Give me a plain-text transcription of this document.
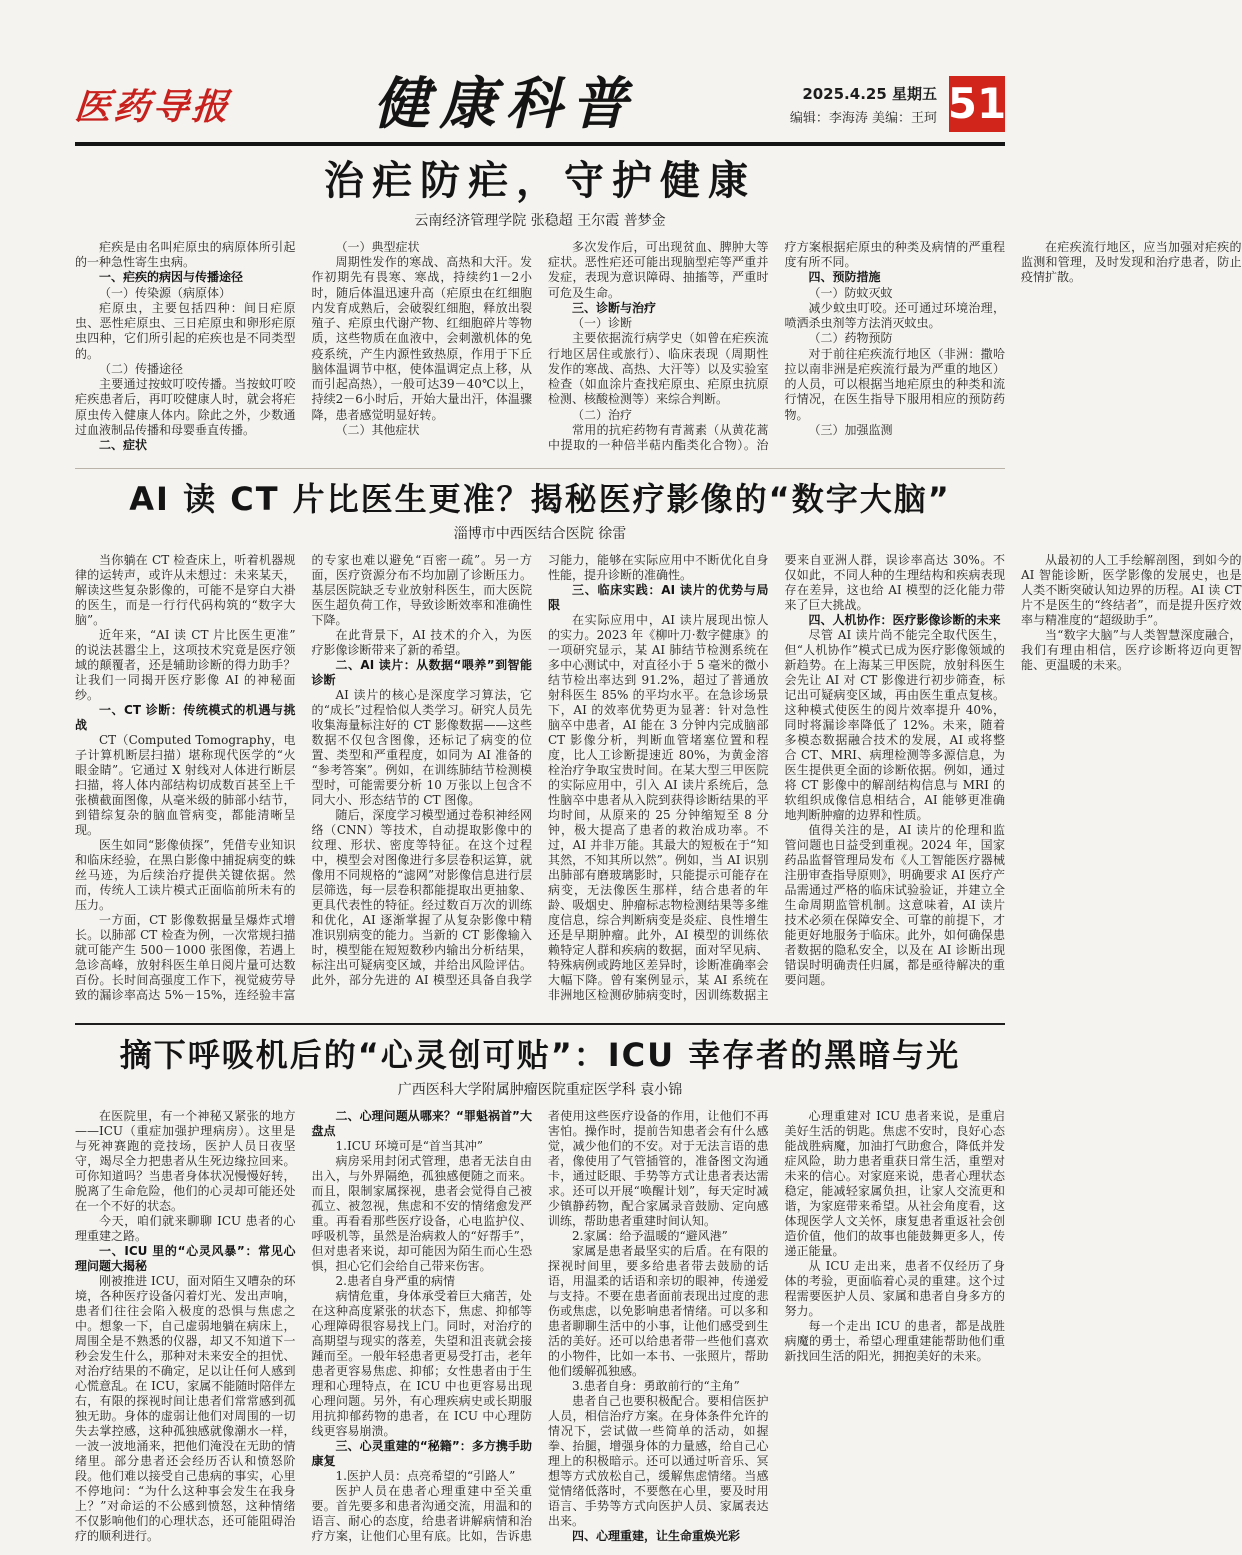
医药导报	健康科普	2025.4.25 星期五
编辑：李海涛 美编：王珂 51
治疟防疟，守护健康
云南经济管理学院 张稳超 王尔霞 普梦金

疟疾是由名叫疟原虫的病原体所引起的一种急性寄生虫病。

一、疟疾的病因与传播途径

（一）传染源（病原体）

疟原虫，主要包括四种：间日疟原虫、恶性疟原虫、三日疟原虫和卵形疟原虫四种，它们所引起的疟疾也是不同类型的。

（二）传播途径

主要通过按蚊叮咬传播。当按蚊叮咬疟疾患者后，再叮咬健康人时，就会将疟原虫传入健康人体内。除此之外，少数通过血液制品传播和母婴垂直传播。

二、症状

（一）典型症状

周期性发作的寒战、高热和大汗。发作初期先有畏寒、寒战，持续约1－2小时，随后体温迅速升高（疟原虫在红细胞内发育成熟后，会破裂红细胞，释放出裂殖子、疟原虫代谢产物、红细胞碎片等物质，这些物质在血液中，会刺激机体的免疫系统，产生内源性致热原，作用于下丘脑体温调节中枢，使体温调定点上移，从而引起高热），一般可达39－40℃以上，持续2－6小时后，开始大量出汗，体温骤降，患者感觉明显好转。

（二）其他症状

多次发作后，可出现贫血、脾肿大等症状。恶性疟还可能出现脑型疟等严重并发症，表现为意识障碍、抽搐等，严重时可危及生命。

三、诊断与治疗

（一）诊断

主要依据流行病学史（如曾在疟疾流行地区居住或旅行）、临床表现（周期性发作的寒战、高热、大汗等）以及实验室检查（如血涂片查找疟原虫、疟原虫抗原检测、核酸检测等）来综合判断。

（二）治疗

常用的抗疟药物有青蒿素（从黄花蒿中提取的一种倍半萜内酯类化合物）。治疗方案根据疟原虫的种类及病情的严重程度有所不同。

四、预防措施

（一）防蚊灭蚊

减少蚊虫叮咬。还可通过环境治理，喷洒杀虫剂等方法消灭蚊虫。

（二）药物预防

对于前往疟疾流行地区（非洲：撒哈拉以南非洲是疟疾流行最为严重的地区）的人员，可以根据当地疟原虫的种类和流行情况，在医生指导下服用相应的预防药物。

（三）加强监测

在疟疾流行地区，应当加强对疟疾的监测和管理，及时发现和治疗患者，防止疫情扩散。

AI 读 CT 片比医生更准？揭秘医疗影像的“数字大脑”
淄博市中西医结合医院 徐雷

当你躺在 CT 检查床上，听着机器规律的运转声，或许从未想过：未来某天，解读这些复杂影像的，可能不是穿白大褂的医生，而是一行行代码构筑的“数字大脑”。

近年来，“AI 读 CT 片比医生更准”的说法甚嚣尘上，这项技术究竟是医疗领域的颠覆者，还是辅助诊断的得力助手？让我们一同揭开医疗影像 AI 的神秘面纱。

一、CT 诊断：传统模式的机遇与挑战

CT（Computed Tomography，电子计算机断层扫描）堪称现代医学的“火眼金睛”。它通过 X 射线对人体进行断层扫描，将人体内部结构切成数百甚至上千张横截面图像，从毫米级的肺部小结节，到错综复杂的脑血管病变，都能清晰呈现。

医生如同“影像侦探”，凭借专业知识和临床经验，在黑白影像中捕捉病变的蛛丝马迹，为后续治疗提供关键依据。然而，传统人工读片模式正面临前所未有的压力。

一方面，CT 影像数据量呈爆炸式增长。以肺部 CT 检查为例，一次常规扫描就可能产生 500－1000 张图像，若遇上急诊高峰，放射科医生单日阅片量可达数百份。长时间高强度工作下，视觉疲劳导致的漏诊率高达 5%－15%，连经验丰富的专家也难以避免“百密一疏”。另一方面，医疗资源分布不均加剧了诊断压力。基层医院缺乏专业放射科医生，而大医院医生超负荷工作，导致诊断效率和准确性下降。

在此背景下，AI 技术的介入，为医疗影像诊断带来了新的希望。

二、AI 读片：从数据“喂养”到智能诊断

AI 读片的核心是深度学习算法，它的“成长”过程恰似人类学习。研究人员先收集海量标注好的 CT 影像数据——这些数据不仅包含图像，还标记了病变的位置、类型和严重程度，如同为 AI 准备的“参考答案”。例如，在训练肺结节检测模型时，可能需要分析 10 万张以上包含不同大小、形态结节的 CT 图像。

随后，深度学习模型通过卷积神经网络（CNN）等技术，自动提取影像中的纹理、形状、密度等特征。在这个过程中，模型会对图像进行多层卷积运算，就像用不同规格的“滤网”对影像信息进行层层筛选，每一层卷积都能提取出更抽象、更具代表性的特征。经过数百万次的训练和优化，AI 逐渐掌握了从复杂影像中精准识别病变的能力。当新的 CT 影像输入时，模型能在短短数秒内输出分析结果，标注出可疑病变区域，并给出风险评估。此外，部分先进的 AI 模型还具备自我学习能力，能够在实际应用中不断优化自身性能，提升诊断的准确性。

三、临床实践：AI 读片的优势与局限

在实际应用中，AI 读片展现出惊人的实力。2023 年《柳叶刀·数字健康》的一项研究显示，某 AI 肺结节检测系统在多中心测试中，对直径小于 5 毫米的微小结节检出率达到 91.2%，超过了普通放射科医生 85% 的平均水平。在急诊场景下，AI 的效率优势更为显著：针对急性脑卒中患者，AI 能在 3 分钟内完成脑部 CT 影像分析，判断血管堵塞位置和程度，比人工诊断提速近 80%，为黄金溶栓治疗争取宝贵时间。在某大型三甲医院的实际应用中，引入 AI 读片系统后，急性脑卒中患者从入院到获得诊断结果的平均时间，从原来的 25 分钟缩短至 8 分钟，极大提高了患者的救治成功率。不过，AI 并非万能。其最大的短板在于“知其然，不知其所以然”。例如，当 AI 识别出肺部有磨玻璃影时，只能提示可能存在病变，无法像医生那样，结合患者的年龄、吸烟史、肿瘤标志物检测结果等多维度信息，综合判断病变是炎症、良性增生还是早期肿瘤。此外，AI 模型的训练依赖特定人群和疾病的数据，面对罕见病、特殊病例或跨地区差异时，诊断准确率会大幅下降。曾有案例显示，某 AI 系统在非洲地区检测矽肺病变时，因训练数据主要来自亚洲人群，误诊率高达 30%。不仅如此，不同人种的生理结构和疾病表现存在差异，这也给 AI 模型的泛化能力带来了巨大挑战。

四、人机协作：医疗影像诊断的未来

尽管 AI 读片尚不能完全取代医生，但“人机协作”模式已成为医疗影像领域的新趋势。在上海某三甲医院，放射科医生会先让 AI 对 CT 影像进行初步筛查，标记出可疑病变区域，再由医生重点复核。这种模式使医生的阅片效率提升 40%，同时将漏诊率降低了 12%。未来，随着多模态数据融合技术的发展，AI 或将整合 CT、MRI、病理检测等多源信息，为医生提供更全面的诊断依据。例如，通过将 CT 影像中的解剖结构信息与 MRI 的软组织成像信息相结合，AI 能够更准确地判断肿瘤的边界和性质。

值得关注的是，AI 读片的伦理和监管问题也日益受到重视。2024 年，国家药品监督管理局发布《人工智能医疗器械注册审查指导原则》，明确要求 AI 医疗产品需通过严格的临床试验验证，并建立全生命周期监管机制。这意味着，AI 读片技术必须在保障安全、可靠的前提下，才能更好地服务于临床。此外，如何确保患者数据的隐私安全，以及在 AI 诊断出现错误时明确责任归属，都是亟待解决的重要问题。

从最初的人工手绘解剖图，到如今的 AI 智能诊断，医学影像的发展史，也是人类不断突破认知边界的历程。AI 读 CT 片不是医生的“终结者”，而是提升医疗效率与精准度的“超级助手”。

当“数字大脑”与人类智慧深度融合，我们有理由相信，医疗诊断将迈向更智能、更温暖的未来。

摘下呼吸机后的“心灵创可贴”：ICU 幸存者的黑暗与光
广西医科大学附属肿瘤医院重症医学科 袁小锦

在医院里，有一个神秘又紧张的地方——ICU（重症加强护理病房）。这里是与死神赛跑的竞技场，医护人员日夜坚守，竭尽全力把患者从生死边缘拉回来。可你知道吗？当患者身体状况慢慢好转，脱离了生命危险，他们的心灵却可能还处在一个不好的状态。

今天，咱们就来聊聊 ICU 患者的心理重建之路。

一、ICU 里的“心灵风暴”：常见心理问题大揭秘

刚被推进 ICU，面对陌生又嘈杂的环境，各种医疗设备闪着灯光、发出声响，患者们往往会陷入极度的恐惧与焦虑之中。想象一下，自己虚弱地躺在病床上，周围全是不熟悉的仪器，却又不知道下一秒会发生什么，那种对未来安全的担忧、对治疗结果的不确定，足以让任何人感到心慌意乱。在 ICU，家属不能随时陪伴左右，有限的探视时间让患者们常常感到孤独无助。身体的虚弱让他们对周围的一切失去掌控感，这种孤独感就像潮水一样，一波一波地涌来，把他们淹没在无助的情绪里。部分患者还会经历否认和愤怒阶段。他们难以接受自己患病的事实，心里不停地问：“为什么这种事会发生在我身上？”对命运的不公感到愤怒，这种情绪不仅影响他们的心理状态，还可能阻碍治疗的顺利进行。

二、心理问题从哪来？“罪魁祸首”大盘点

1.ICU 环境可是“首当其冲”

病房采用封闭式管理，患者无法自由出入，与外界隔绝，孤独感便随之而来。而且，限制家属探视，患者会觉得自己被孤立、被忽视，焦虑和不安的情绪愈发严重。再看看那些医疗设备，心电监护仪、呼吸机等，虽然是治病救人的“好帮手”，但对患者来说，却可能因为陌生而心生恐惧，担心它们会给自己带来伤害。

2.患者自身严重的病情

病情危重，身体承受着巨大痛苦，处在这种高度紧张的状态下，焦虑、抑郁等心理障碍很容易找上门。同时，对治疗的高期望与现实的落差，失望和沮丧就会接踵而至。一般年轻患者更易受打击，老年患者更容易焦虑、抑郁；女性患者由于生理和心理特点，在 ICU 中也更容易出现心理问题。另外，有心理疾病史或长期服用抗抑郁药物的患者，在 ICU 中心理防线更容易崩溃。

三、心灵重建的“秘籍”：多方携手助康复

1.医护人员：点亮希望的“引路人”

医护人员在患者心理重建中至关重要。首先要多和患者沟通交流，用温和的语言、耐心的态度，给患者讲解病情和治疗方案，让他们心里有底。比如，告诉患者使用这些医疗设备的作用，让他们不再害怕。操作时，提前告知患者会有什么感觉，减少他们的不安。对于无法言语的患者，像使用了气管插管的，准备图文沟通卡，通过眨眼、手势等方式让患者表达需求。还可以开展“唤醒计划”，每天定时减少镇静药物，配合家属录音鼓励、定向感训练，帮助患者重建时间认知。

2.家属：给予温暖的“避风港”

家属是患者最坚实的后盾。在有限的探视时间里，要多给患者带去鼓励的话语，用温柔的话语和亲切的眼神，传递爱与支持。不要在患者面前表现出过度的悲伤或焦虑，以免影响患者情绪。可以多和患者聊聊生活中的小事，让他们感受到生活的美好。还可以给患者带一些他们喜欢的小物件，比如一本书、一张照片，帮助他们缓解孤独感。

3.患者自身：勇敢前行的“主角”

患者自己也要积极配合。要相信医护人员，相信治疗方案。在身体条件允许的情况下，尝试做一些简单的活动，如握拳、抬腿，增强身体的力量感，给自己心理上的积极暗示。还可以通过听音乐、冥想等方式放松自己，缓解焦虑情绪。当感觉情绪低落时，不要憋在心里，要及时用语言、手势等方式向医护人员、家属表达出来。

四、心理重建，让生命重焕光彩

心理重建对 ICU 患者来说，是重启美好生活的钥匙。焦虑不安时，良好心态能战胜病魔，加油打气助愈合，降低并发症风险，助力患者重获日常生活，重塑对未来的信心。对家庭来说，患者心理状态稳定，能减轻家属负担，让家人交流更和谐，为家庭带来希望。从社会角度看，这体现医学人文关怀，康复患者重返社会创造价值，他们的故事也能鼓舞更多人，传递正能量。

从 ICU 走出来，患者不仅经历了身体的考验，更面临着心灵的重建。这个过程需要医护人员、家属和患者自身多方的努力。

每一个走出 ICU 的患者，都是战胜病魔的勇士，希望心理重建能帮助他们重新找回生活的阳光，拥抱美好的未来。
